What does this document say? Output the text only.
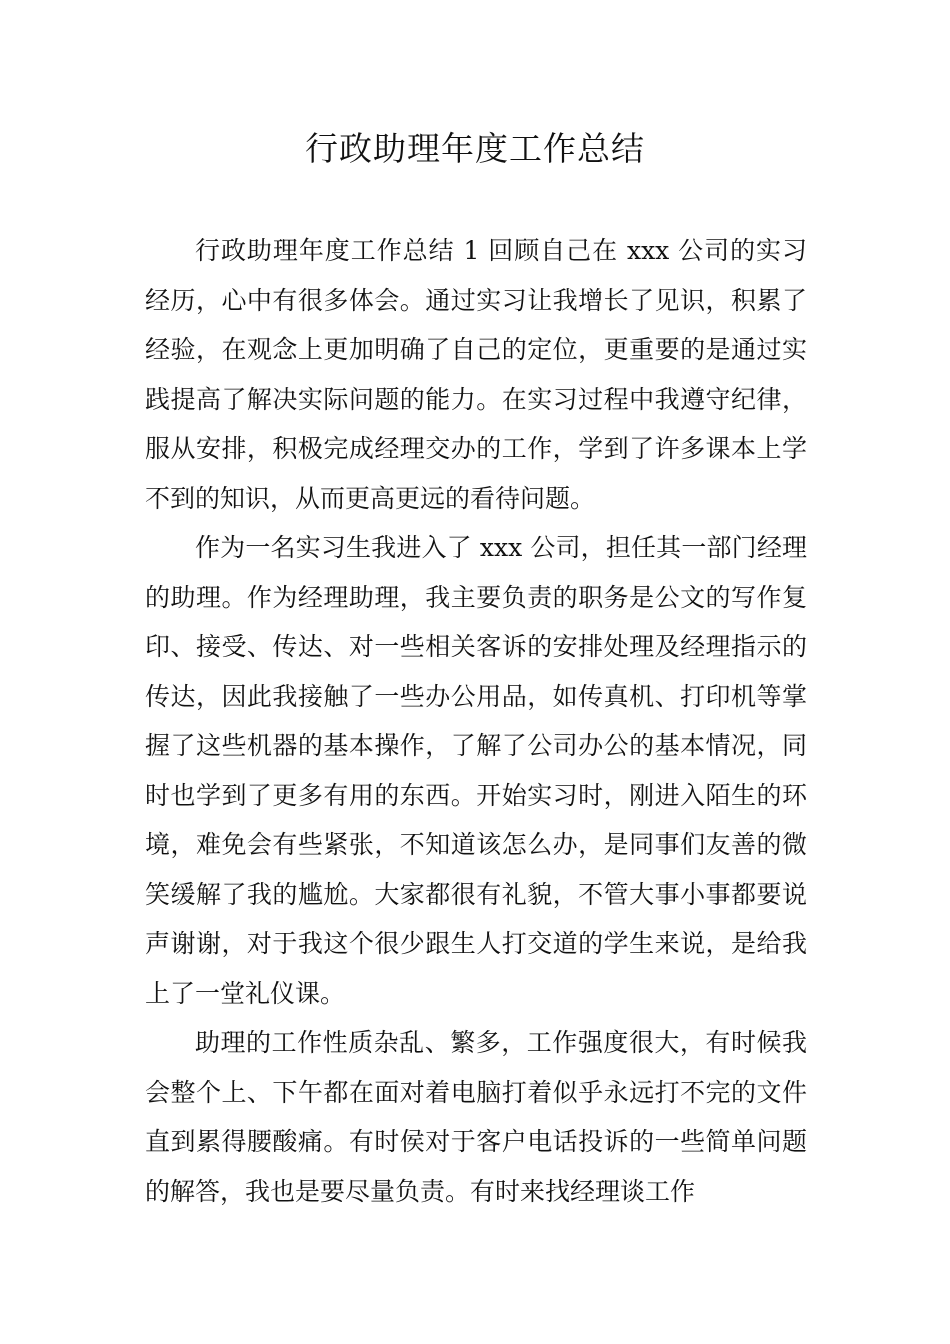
行政助理年度工作总结

行政助理年度工作总结 1 回顾自己在 xxx 公司的实习经历，心中有很多体会。通过实习让我增长了见识，积累了经验，在观念上更加明确了自己的定位，更重要的是通过实践提高了解决实际问题的能力。在实习过程中我遵守纪律，服从安排，积极完成经理交办的工作，学到了许多课本上学不到的知识，从而更高更远的看待问题。

作为一名实习生我进入了 xxx 公司，担任其一部门经理的助理。作为经理助理，我主要负责的职务是公文的写作复印、接受、传达、对一些相关客诉的安排处理及经理指示的传达，因此我接触了一些办公用品，如传真机、打印机等掌握了这些机器的基本操作，了解了公司办公的基本情况，同时也学到了更多有用的东西。开始实习时，刚进入陌生的环境，难免会有些紧张，不知道该怎么办，是同事们友善的微笑缓解了我的尴尬。大家都很有礼貌，不管大事小事都要说声谢谢，对于我这个很少跟生人打交道的学生来说，是给我上了一堂礼仪课。

助理的工作性质杂乱、繁多，工作强度很大，有时候我会整个上、下午都在面对着电脑打着似乎永远打不完的文件直到累得腰酸痛。有时侯对于客户电话投诉的一些简单问题的解答，我也是要尽量负责。有时来找经理谈工作
